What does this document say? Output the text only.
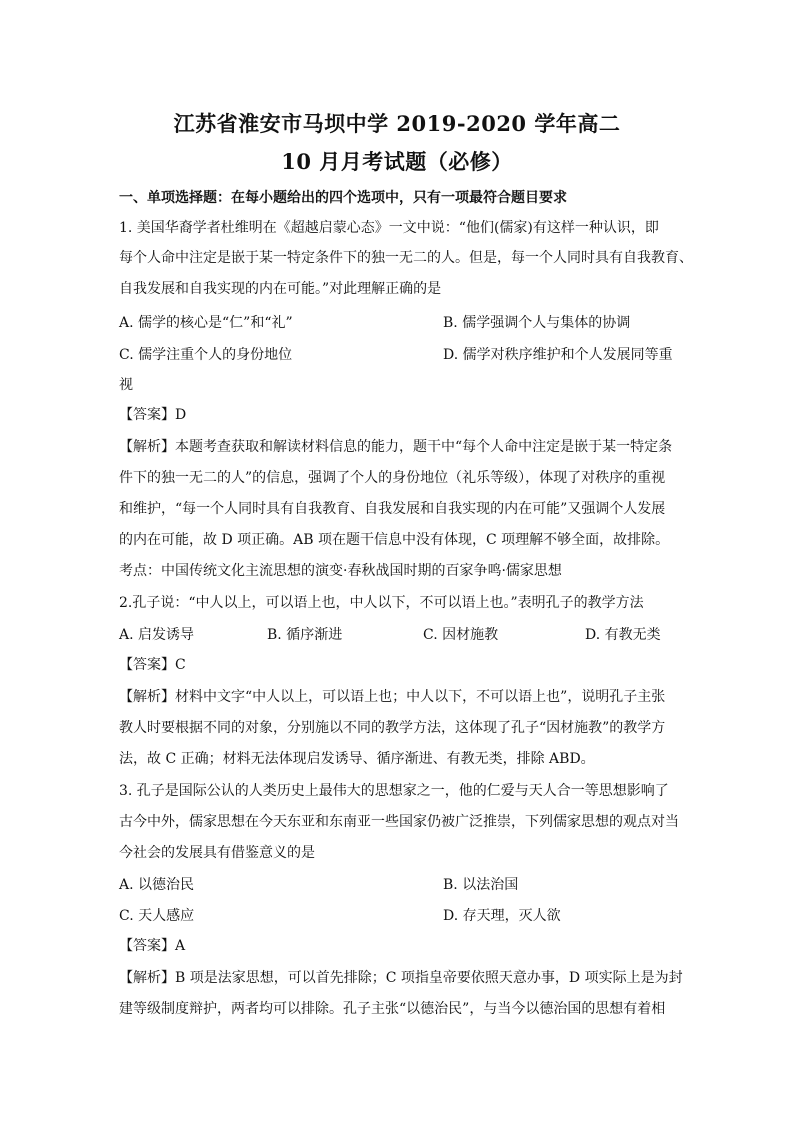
江苏省淮安市马坝中学 2019-2020 学年高二
10 月月考试题（必修）
一、单项选择题：在每小题给出的四个选项中，只有一项最符合题目要求
1. 美国华裔学者杜维明在《超越启蒙心态》一文中说：“他们(儒家)有这样一种认识，即
每个人命中注定是嵌于某一特定条件下的独一无二的人。但是，每一个人同时具有自我教育、
自我发展和自我实现的内在可能。”对此理解正确的是
A. 儒学的核心是“仁”和“礼”	B. 儒学强调个人与集体的协调
C. 儒学注重个人的身份地位	D. 儒学对秩序维护和个人发展同等重
视
【答案】D
【解析】本题考查获取和解读材料信息的能力，题干中“每个人命中注定是嵌于某一特定条
件下的独一无二的人”的信息，强调了个人的身份地位（礼乐等级），体现了对秩序的重视
和维护，“每一个人同时具有自我教育、自我发展和自我实现的内在可能”又强调个人发展
的内在可能，故 D 项正确。AB 项在题干信息中没有体现，C 项理解不够全面，故排除。
考点：中国传统文化主流思想的演变·春秋战国时期的百家争鸣·儒家思想
2.孔子说：“中人以上，可以语上也，中人以下，不可以语上也。”表明孔子的教学方法
A. 启发诱导	B. 循序渐进	C. 因材施教	D. 有教无类
【答案】C
【解析】材料中文字“中人以上，可以语上也；中人以下，不可以语上也”，说明孔子主张
教人时要根据不同的对象，分别施以不同的教学方法，这体现了孔子“因材施教”的教学方
法，故 C 正确；材料无法体现启发诱导、循序渐进、有教无类，排除 ABD。
3. 孔子是国际公认的人类历史上最伟大的思想家之一，他的仁爱与天人合一等思想影响了
古今中外，儒家思想在今天东亚和东南亚一些国家仍被广泛推崇，下列儒家思想的观点对当
今社会的发展具有借鉴意义的是
A. 以德治民	B. 以法治国
C. 天人感应	D. 存天理，灭人欲
【答案】A
【解析】B 项是法家思想，可以首先排除；C 项指皇帝要依照天意办事，D 项实际上是为封
建等级制度辩护，两者均可以排除。孔子主张“以德治民”，与当今以德治国的思想有着相
